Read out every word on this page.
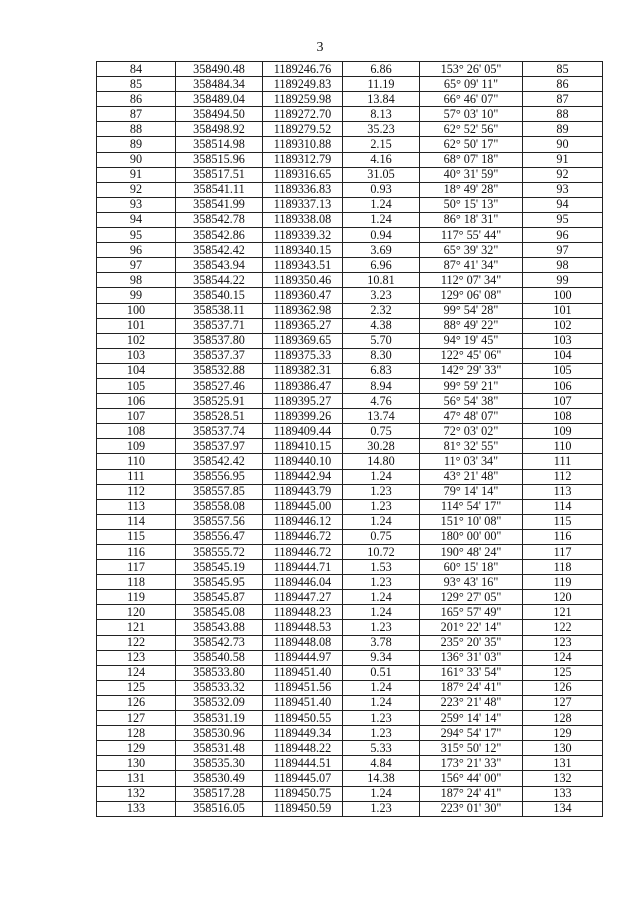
3
84	358490.48	1189246.76	6.86	153° 26' 05"	85
85	358484.34	1189249.83	11.19	65° 09' 11"	86
86	358489.04	1189259.98	13.84	66° 46' 07"	87
87	358494.50	1189272.70	8.13	57° 03' 10"	88
88	358498.92	1189279.52	35.23	62° 52' 56"	89
89	358514.98	1189310.88	2.15	62° 50' 17"	90
90	358515.96	1189312.79	4.16	68° 07' 18"	91
91	358517.51	1189316.65	31.05	40° 31' 59"	92
92	358541.11	1189336.83	0.93	18° 49' 28"	93
93	358541.99	1189337.13	1.24	50° 15' 13"	94
94	358542.78	1189338.08	1.24	86° 18' 31"	95
95	358542.86	1189339.32	0.94	117° 55' 44"	96
96	358542.42	1189340.15	3.69	65° 39' 32"	97
97	358543.94	1189343.51	6.96	87° 41' 34"	98
98	358544.22	1189350.46	10.81	112° 07' 34"	99
99	358540.15	1189360.47	3.23	129° 06' 08"	100
100	358538.11	1189362.98	2.32	99° 54' 28"	101
101	358537.71	1189365.27	4.38	88° 49' 22"	102
102	358537.80	1189369.65	5.70	94° 19' 45"	103
103	358537.37	1189375.33	8.30	122° 45' 06"	104
104	358532.88	1189382.31	6.83	142° 29' 33"	105
105	358527.46	1189386.47	8.94	99° 59' 21"	106
106	358525.91	1189395.27	4.76	56° 54' 38"	107
107	358528.51	1189399.26	13.74	47° 48' 07"	108
108	358537.74	1189409.44	0.75	72° 03' 02"	109
109	358537.97	1189410.15	30.28	81° 32' 55"	110
110	358542.42	1189440.10	14.80	11° 03' 34"	111
111	358556.95	1189442.94	1.24	43° 21' 48"	112
112	358557.85	1189443.79	1.23	79° 14' 14"	113
113	358558.08	1189445.00	1.23	114° 54' 17"	114
114	358557.56	1189446.12	1.24	151° 10' 08"	115
115	358556.47	1189446.72	0.75	180° 00' 00"	116
116	358555.72	1189446.72	10.72	190° 48' 24"	117
117	358545.19	1189444.71	1.53	60° 15' 18"	118
118	358545.95	1189446.04	1.23	93° 43' 16"	119
119	358545.87	1189447.27	1.24	129° 27' 05"	120
120	358545.08	1189448.23	1.24	165° 57' 49"	121
121	358543.88	1189448.53	1.23	201° 22' 14"	122
122	358542.73	1189448.08	3.78	235° 20' 35"	123
123	358540.58	1189444.97	9.34	136° 31' 03"	124
124	358533.80	1189451.40	0.51	161° 33' 54"	125
125	358533.32	1189451.56	1.24	187° 24' 41"	126
126	358532.09	1189451.40	1.24	223° 21' 48"	127
127	358531.19	1189450.55	1.23	259° 14' 14"	128
128	358530.96	1189449.34	1.23	294° 54' 17"	129
129	358531.48	1189448.22	5.33	315° 50' 12"	130
130	358535.30	1189444.51	4.84	173° 21' 33"	131
131	358530.49	1189445.07	14.38	156° 44' 00"	132
132	358517.28	1189450.75	1.24	187° 24' 41"	133
133	358516.05	1189450.59	1.23	223° 01' 30"	134
